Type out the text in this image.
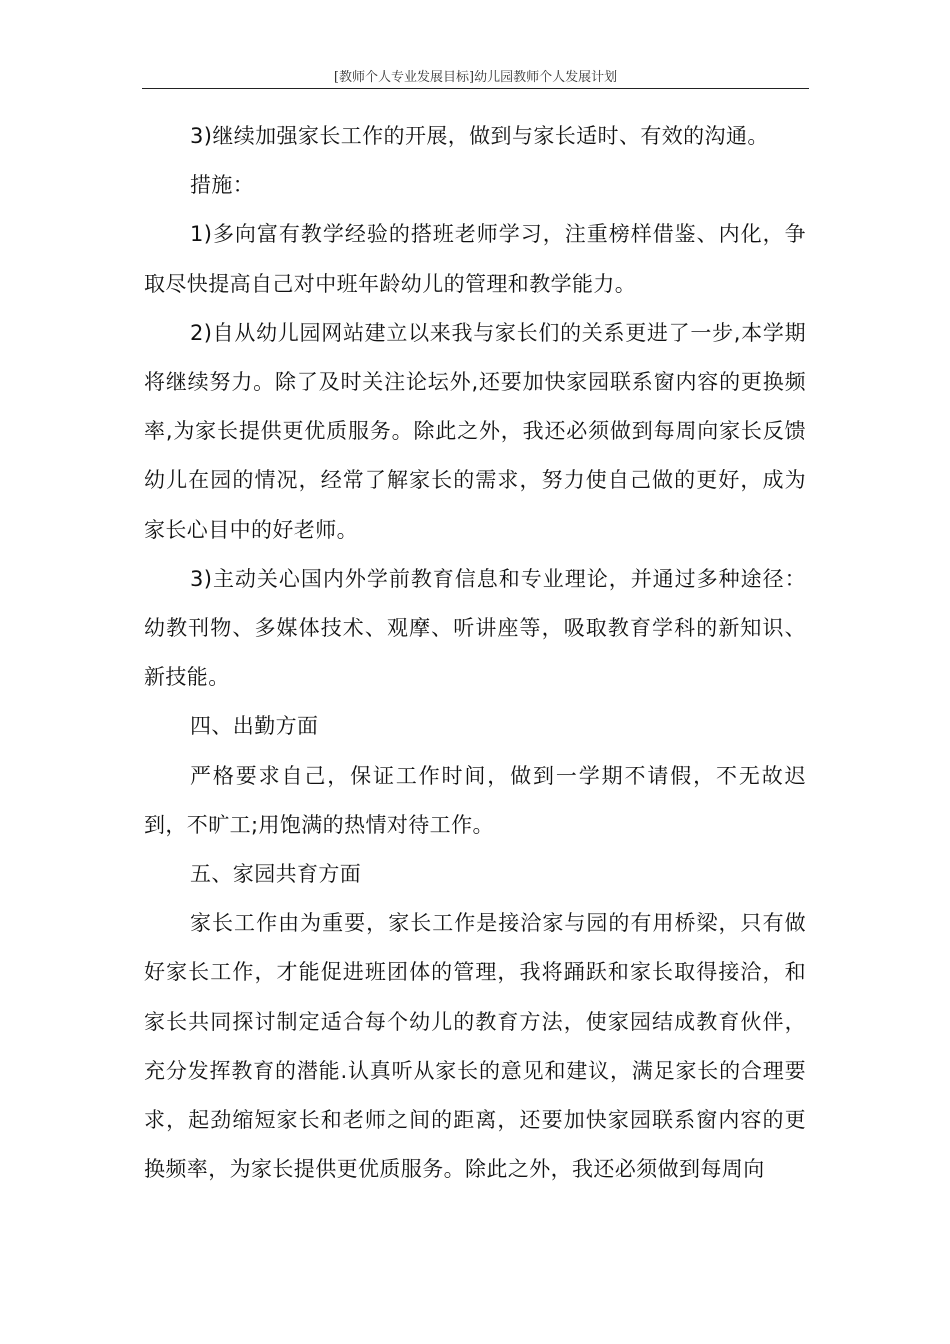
[教师个人专业发展目标]幼儿园教师个人发展计划

3)继续加强家长工作的开展，做到与家长适时、有效的沟通。

措施：

1)多向富有教学经验的搭班老师学习，注重榜样借鉴、内化，争取尽快提高自己对中班年龄幼儿的管理和教学能力。

2)自从幼儿园网站建立以来我与家长们的关系更进了一步,本学期将继续努力。除了及时关注论坛外,还要加快家园联系窗内容的更换频率,为家长提供更优质服务。除此之外，我还必须做到每周向家长反馈幼儿在园的情况，经常了解家长的需求，努力使自己做的更好，成为家长心目中的好老师。

3)主动关心国内外学前教育信息和专业理论，并通过多种途径：幼教刊物、多媒体技术、观摩、听讲座等，吸取教育学科的新知识、新技能。

四、出勤方面

严格要求自己，保证工作时间，做到一学期不请假，不无故迟到，不旷工;用饱满的热情对待工作。

五、家园共育方面

家长工作由为重要，家长工作是接洽家与园的有用桥梁，只有做好家长工作，才能促进班团体的管理，我将踊跃和家长取得接洽，和家长共同探讨制定适合每个幼儿的教育方法，使家园结成教育伙伴，充分发挥教育的潜能.认真听从家长的意见和建议，满足家长的合理要求，起劲缩短家长和老师之间的距离，还要加快家园联系窗内容的更换频率，为家长提供更优质服务。除此之外，我还必须做到每周向
